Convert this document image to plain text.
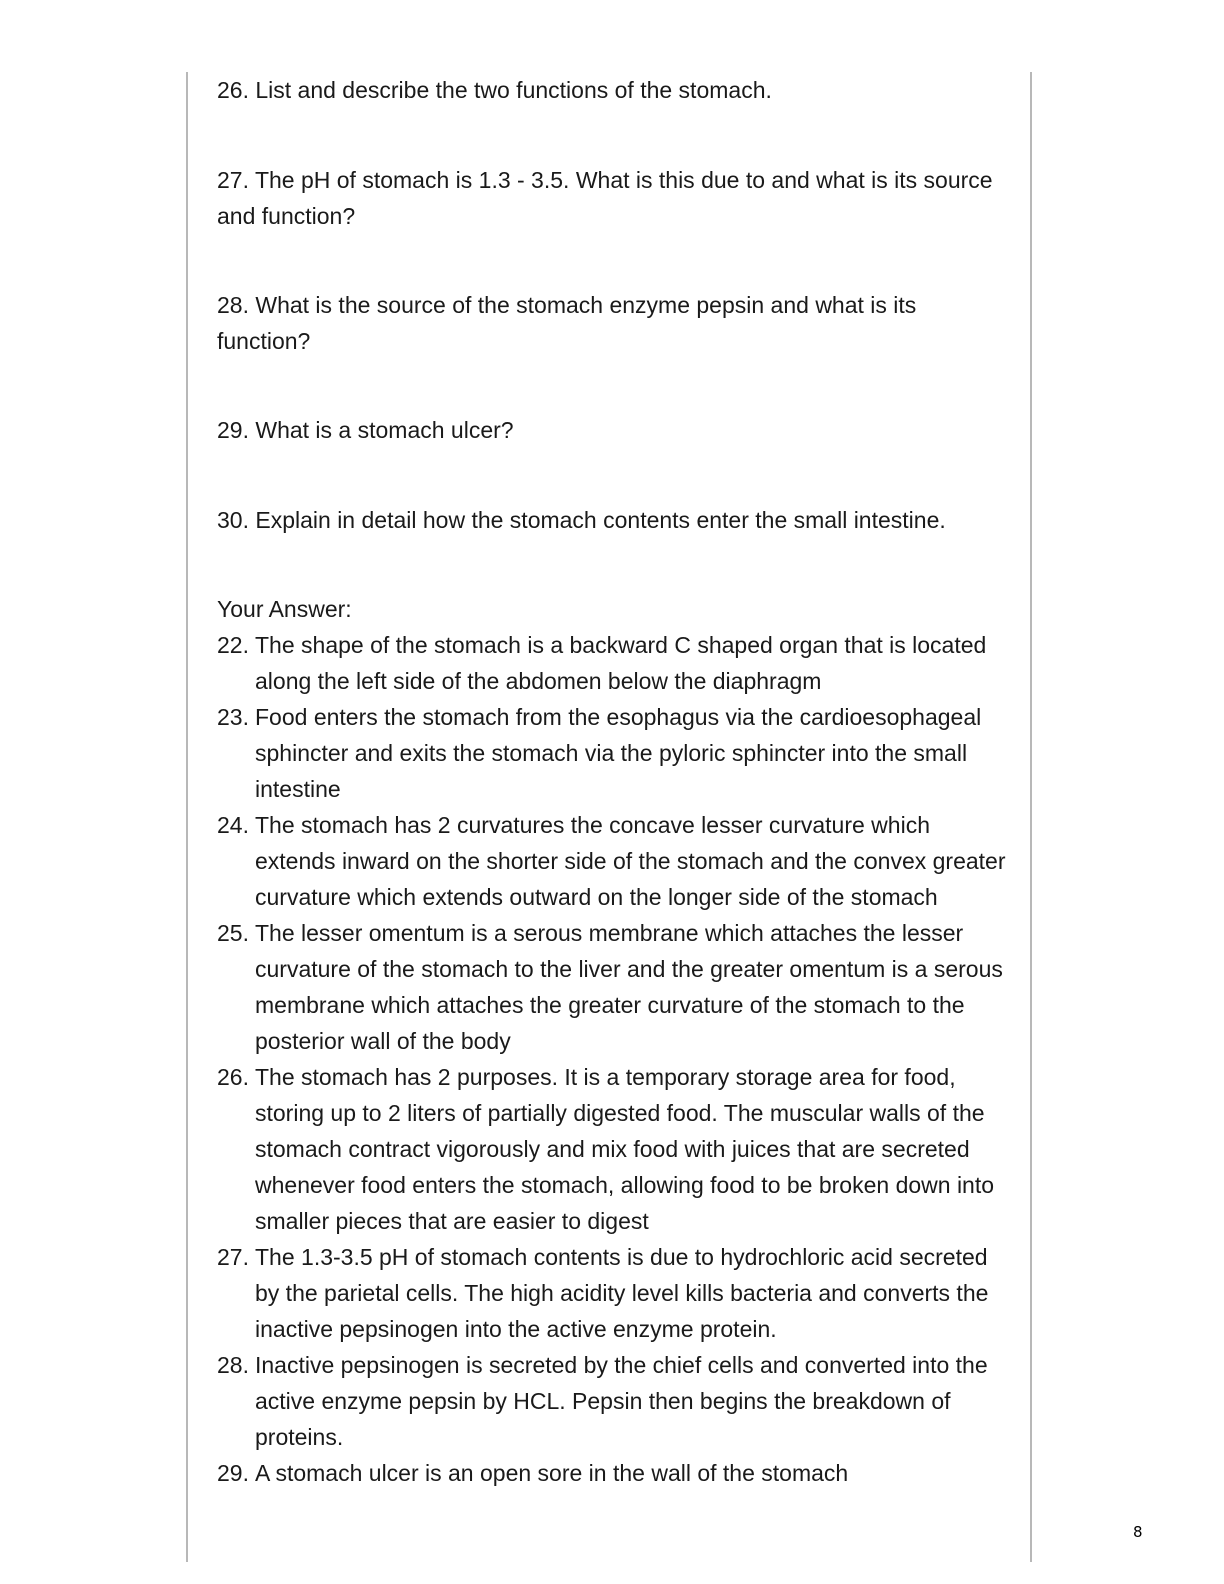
26. List and describe the two functions of the stomach.

27. The pH of stomach is 1.3 - 3.5. What is this due to and what is its source and function?

28. What is the source of the stomach enzyme pepsin and what is its function?

29. What is a stomach ulcer?

30. Explain in detail how the stomach contents enter the small intestine.

Your Answer:

22. The shape of the stomach is a backward C shaped organ that is located along the left side of the abdomen below the diaphragm
23. Food enters the stomach from the esophagus via the cardioesophageal sphincter and exits the stomach via the pyloric sphincter into the small intestine
24. The stomach has 2 curvatures the concave lesser curvature which extends inward on the shorter side of the stomach and the convex greater curvature which extends outward on the longer side of the stomach
25. The lesser omentum is a serous membrane which attaches the lesser curvature of the stomach to the liver and the greater omentum is a serous membrane which attaches the greater curvature of the stomach to the posterior wall of the body
26. The stomach has 2 purposes. It is a temporary storage area for food, storing up to 2 liters of partially digested food. The muscular walls of the stomach contract vigorously and mix food with juices that are secreted whenever food enters the stomach, allowing food to be broken down into smaller pieces that are easier to digest
27. The 1.3-3.5 pH of stomach contents is due to hydrochloric acid secreted by the parietal cells. The high acidity level kills bacteria and converts the inactive pepsinogen into the active enzyme protein.
28. Inactive pepsinogen is secreted by the chief cells and converted into the active enzyme pepsin by HCL. Pepsin then begins the breakdown of proteins.
29. A stomach ulcer is an open sore in the wall of the stomach
8
